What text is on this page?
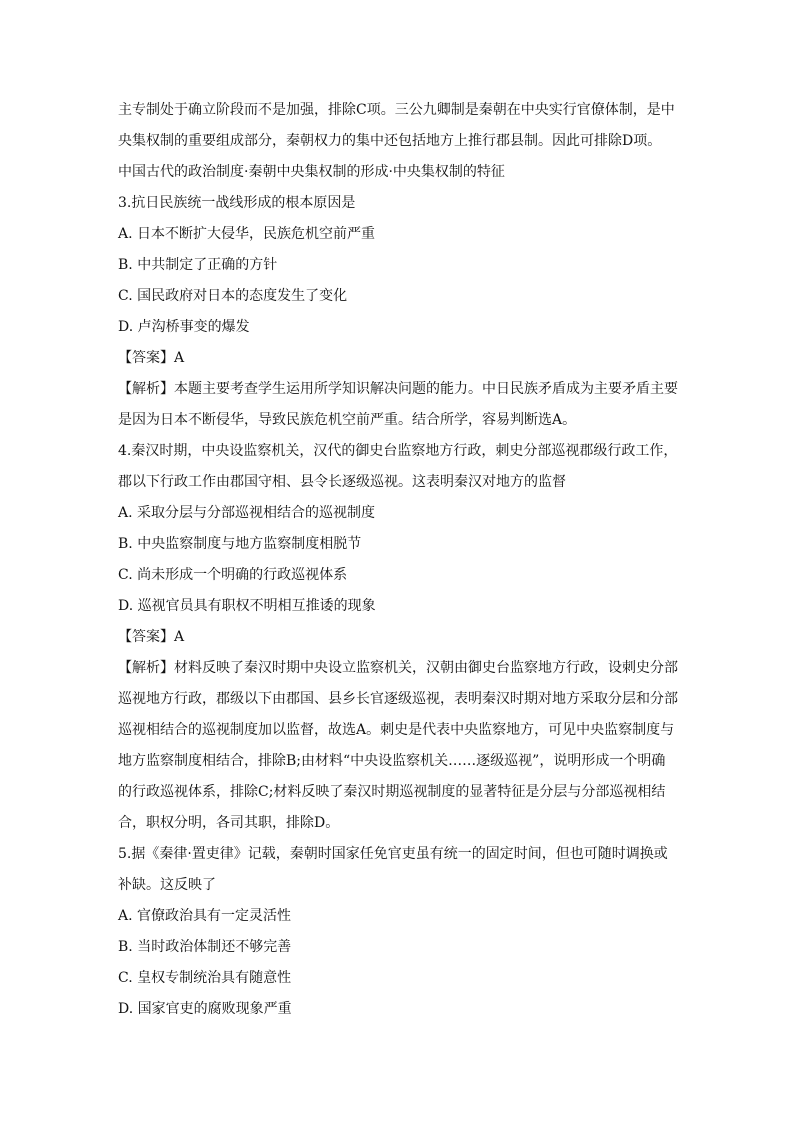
主专制处于确立阶段而不是加强，排除C项。三公九卿制是秦朝在中央实行官僚体制，是中
央集权制的重要组成部分，秦朝权力的集中还包括地方上推行郡县制。因此可排除D项。
中国古代的政治制度·秦朝中央集权制的形成·中央集权制的特征
3.抗日民族统一战线形成的根本原因是
A. 日本不断扩大侵华，民族危机空前严重
B. 中共制定了正确的方针
C. 国民政府对日本的态度发生了变化
D. 卢沟桥事变的爆发
【答案】A
【解析】本题主要考查学生运用所学知识解决问题的能力。中日民族矛盾成为主要矛盾主要
是因为日本不断侵华，导致民族危机空前严重。结合所学，容易判断选A。
4.秦汉时期，中央设监察机关，汉代的御史台监察地方行政，刺史分部巡视郡级行政工作，
郡以下行政工作由郡国守相、县令长逐级巡视。这表明秦汉对地方的监督
A. 采取分层与分部巡视相结合的巡视制度
B. 中央监察制度与地方监察制度相脱节
C. 尚未形成一个明确的行政巡视体系
D. 巡视官员具有职权不明相互推诿的现象
【答案】A
【解析】材料反映了秦汉时期中央设立监察机关，汉朝由御史台监察地方行政，设刺史分部
巡视地方行政，郡级以下由郡国、县乡长官逐级巡视，表明秦汉时期对地方采取分层和分部
巡视相结合的巡视制度加以监督，故选A。刺史是代表中央监察地方，可见中央监察制度与
地方监察制度相结合，排除B;由材料“中央设监察机关……逐级巡视”，说明形成一个明确
的行政巡视体系，排除C;材料反映了秦汉时期巡视制度的显著特征是分层与分部巡视相结
合，职权分明，各司其职，排除D。
5.据《秦律·置吏律》记载，秦朝时国家任免官吏虽有统一的固定时间，但也可随时调换或
补缺。这反映了
A. 官僚政治具有一定灵活性
B. 当时政治体制还不够完善
C. 皇权专制统治具有随意性
D. 国家官吏的腐败现象严重
